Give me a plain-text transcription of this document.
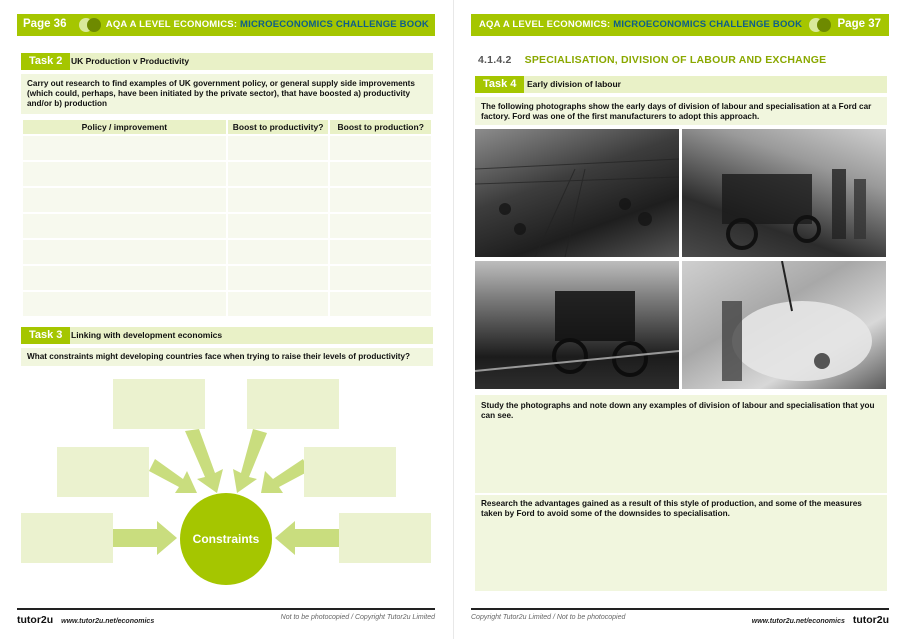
Page 36	AQA A LEVEL ECONOMICS: MICROECONOMICS CHALLENGE BOOK
Task 2	UK Production v Productivity
Carry out research to find examples of UK government policy, or general supply side improvements (which could, perhaps, have been initiated by the private sector), that have boosted a) productivity and/or b) production
Policy / improvement	Boost to productivity?	Boost to production?

Task 3	Linking with development economics
What constraints might developing countries face when trying to raise their levels of productivity?
Constraints
tutor2u www.tutor2u.net/economics
Not to be photocopied / Copyright Tutor2u Limited
AQA A LEVEL ECONOMICS: MICROECONOMICS CHALLENGE BOOK	Page 37
4.1.4.2 SPECIALISATION, DIVISION OF LABOUR AND EXCHANGE
Task 4	Early division of labour
The following photographs show the early days of division of labour and specialisation at a Ford car factory. Ford was one of the first manufacturers to adopt this approach.
Study the photographs and note down any examples of division of labour and specialisation that you can see.
Research the advantages gained as a result of this style of production, and some of the measures taken by Ford to avoid some of the downsides to specialisation.
Copyright Tutor2u Limited / Not to be photocopied
www.tutor2u.net/economics tutor2u
